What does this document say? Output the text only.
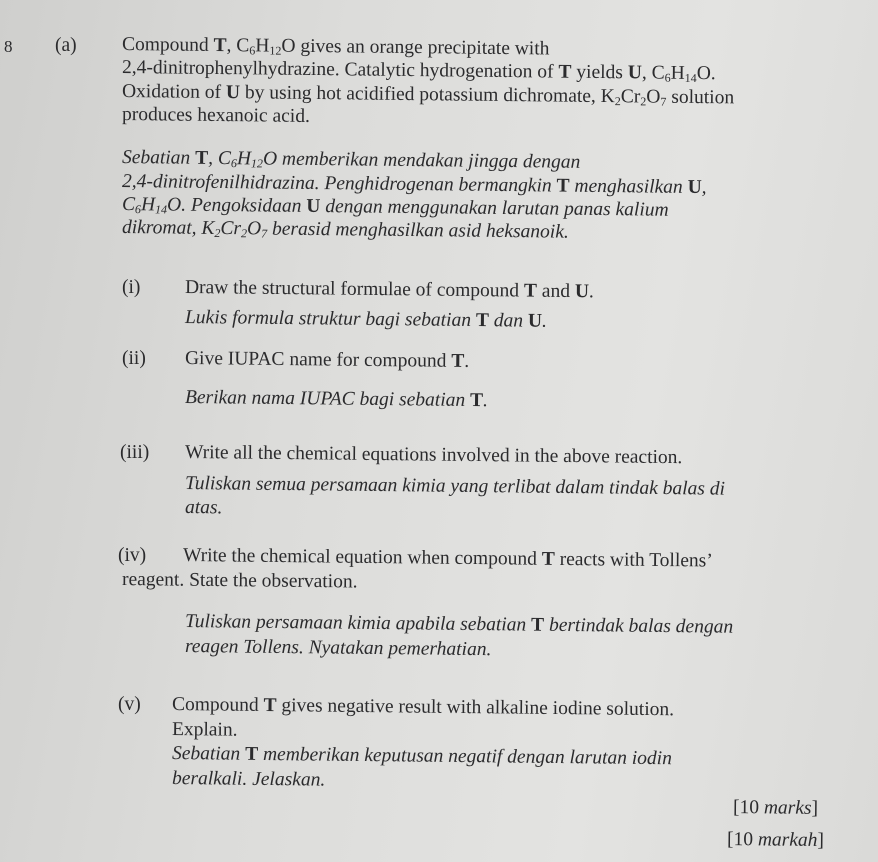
8 (a) Compound T, $C_6H_{12}O$ gives an orange precipitate with
2,4-dinitrophenylhydrazine. Catalytic hydrogenation of T yields U, $C_6H_{14}O$.
Oxidation of U by using hot acidified potassium dichromate, $K_2Cr_2O_7$ solution
produces hexanoic acid.
Sebatian T, $C_6H_{12}O$ memberikan mendakan jingga dengan
2,4-dinitrofenilhidrazina. Penghidrogenan bermangkin T menghasilkan U,
$C_6H_{14}O$. Pengoksidaan U dengan menggunakan larutan panas kalium
dikromat, $K_2Cr_2O_7$ berasid menghasilkan asid heksanoik.
(i) Draw the structural formulae of compound T and U.
Lukis formula struktur bagi sebatian T dan U.
(ii) Give IUPAC name for compound T.
Berikan nama IUPAC bagi sebatian T.
(iii) Write all the chemical equations involved in the above reaction.
Tuliskan semua persamaan kimia yang terlibat dalam tindak balas di
atas.
(iv) Write the chemical equation when compound T reacts with Tollens’
reagent. State the observation.
Tuliskan persamaan kimia apabila sebatian T bertindak balas dengan
reagen Tollens. Nyatakan pemerhatian.
(v) Compound T gives negative result with alkaline iodine solution.
Explain.
Sebatian T memberikan keputusan negatif dengan larutan iodin
beralkali. Jelaskan.
[10 marks]
[10 markah]
